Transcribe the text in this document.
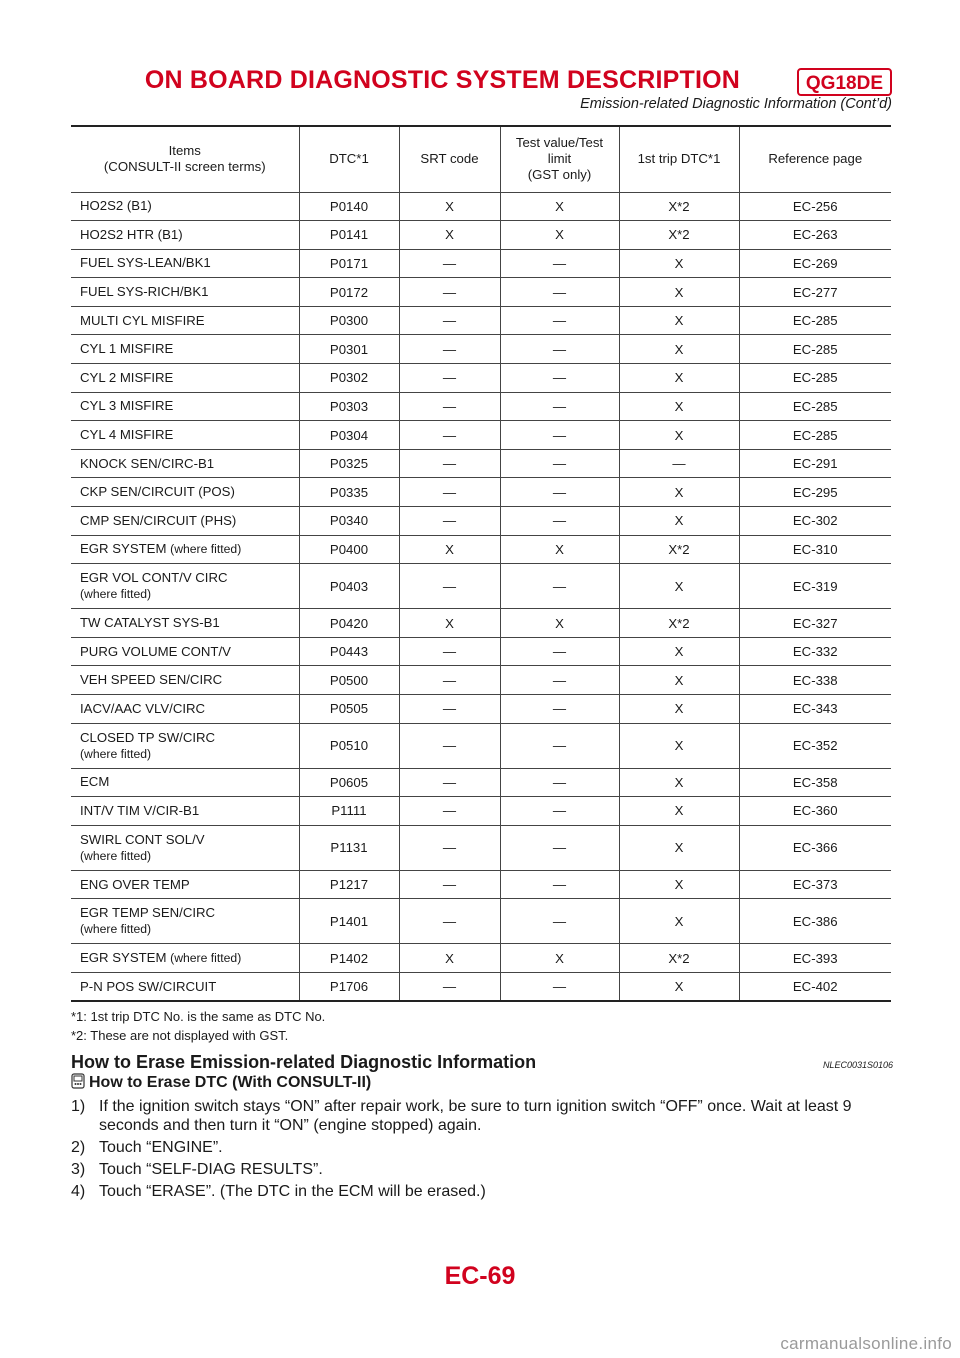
ON BOARD DIAGNOSTIC SYSTEM DESCRIPTION	QG18DE
Emission-related Diagnostic Information (Cont’d)
Items
(CONSULT-II screen terms)	DTC*1	SRT code	Test value/Test
limit
(GST only)	1st trip DTC*1	Reference page
HO2S2 (B1)	P0140	X	X	X*2	EC-256
HO2S2 HTR (B1)	P0141	X	X	X*2	EC-263
FUEL SYS-LEAN/BK1	P0171	—	—	X	EC-269
FUEL SYS-RICH/BK1	P0172	—	—	X	EC-277
MULTI CYL MISFIRE	P0300	—	—	X	EC-285
CYL 1 MISFIRE	P0301	—	—	X	EC-285
CYL 2 MISFIRE	P0302	—	—	X	EC-285
CYL 3 MISFIRE	P0303	—	—	X	EC-285
CYL 4 MISFIRE	P0304	—	—	X	EC-285
KNOCK SEN/CIRC-B1	P0325	—	—	—	EC-291
CKP SEN/CIRCUIT (POS)	P0335	—	—	X	EC-295
CMP SEN/CIRCUIT (PHS)	P0340	—	—	X	EC-302
EGR SYSTEM (where fitted)	P0400	X	X	X*2	EC-310
EGR VOL CONT/V CIRC
(where fitted)	P0403	—	—	X	EC-319
TW CATALYST SYS-B1	P0420	X	X	X*2	EC-327
PURG VOLUME CONT/V	P0443	—	—	X	EC-332
VEH SPEED SEN/CIRC	P0500	—	—	X	EC-338
IACV/AAC VLV/CIRC	P0505	—	—	X	EC-343
CLOSED TP SW/CIRC
(where fitted)	P0510	—	—	X	EC-352
ECM	P0605	—	—	X	EC-358
INT/V TIM V/CIR-B1	P1111	—	—	X	EC-360
SWIRL CONT SOL/V
(where fitted)	P1131	—	—	X	EC-366
ENG OVER TEMP	P1217	—	—	X	EC-373
EGR TEMP SEN/CIRC
(where fitted)	P1401	—	—	X	EC-386
EGR SYSTEM (where fitted)	P1402	X	X	X*2	EC-393
P-N POS SW/CIRCUIT	P1706	—	—	X	EC-402
*1: 1st trip DTC No. is the same as DTC No.
*2: These are not displayed with GST.
How to Erase Emission-related Diagnostic Information	NLEC0031S0106
How to Erase DTC (With CONSULT-II)
1) If the ignition switch stays “ON” after repair work, be sure to turn ignition switch “OFF” once. Wait at least 9 seconds and then turn it “ON” (engine stopped) again.
2) Touch “ENGINE”.
3) Touch “SELF-DIAG RESULTS”.
4) Touch “ERASE”. (The DTC in the ECM will be erased.)
EC-69
carmanualsonline.info
